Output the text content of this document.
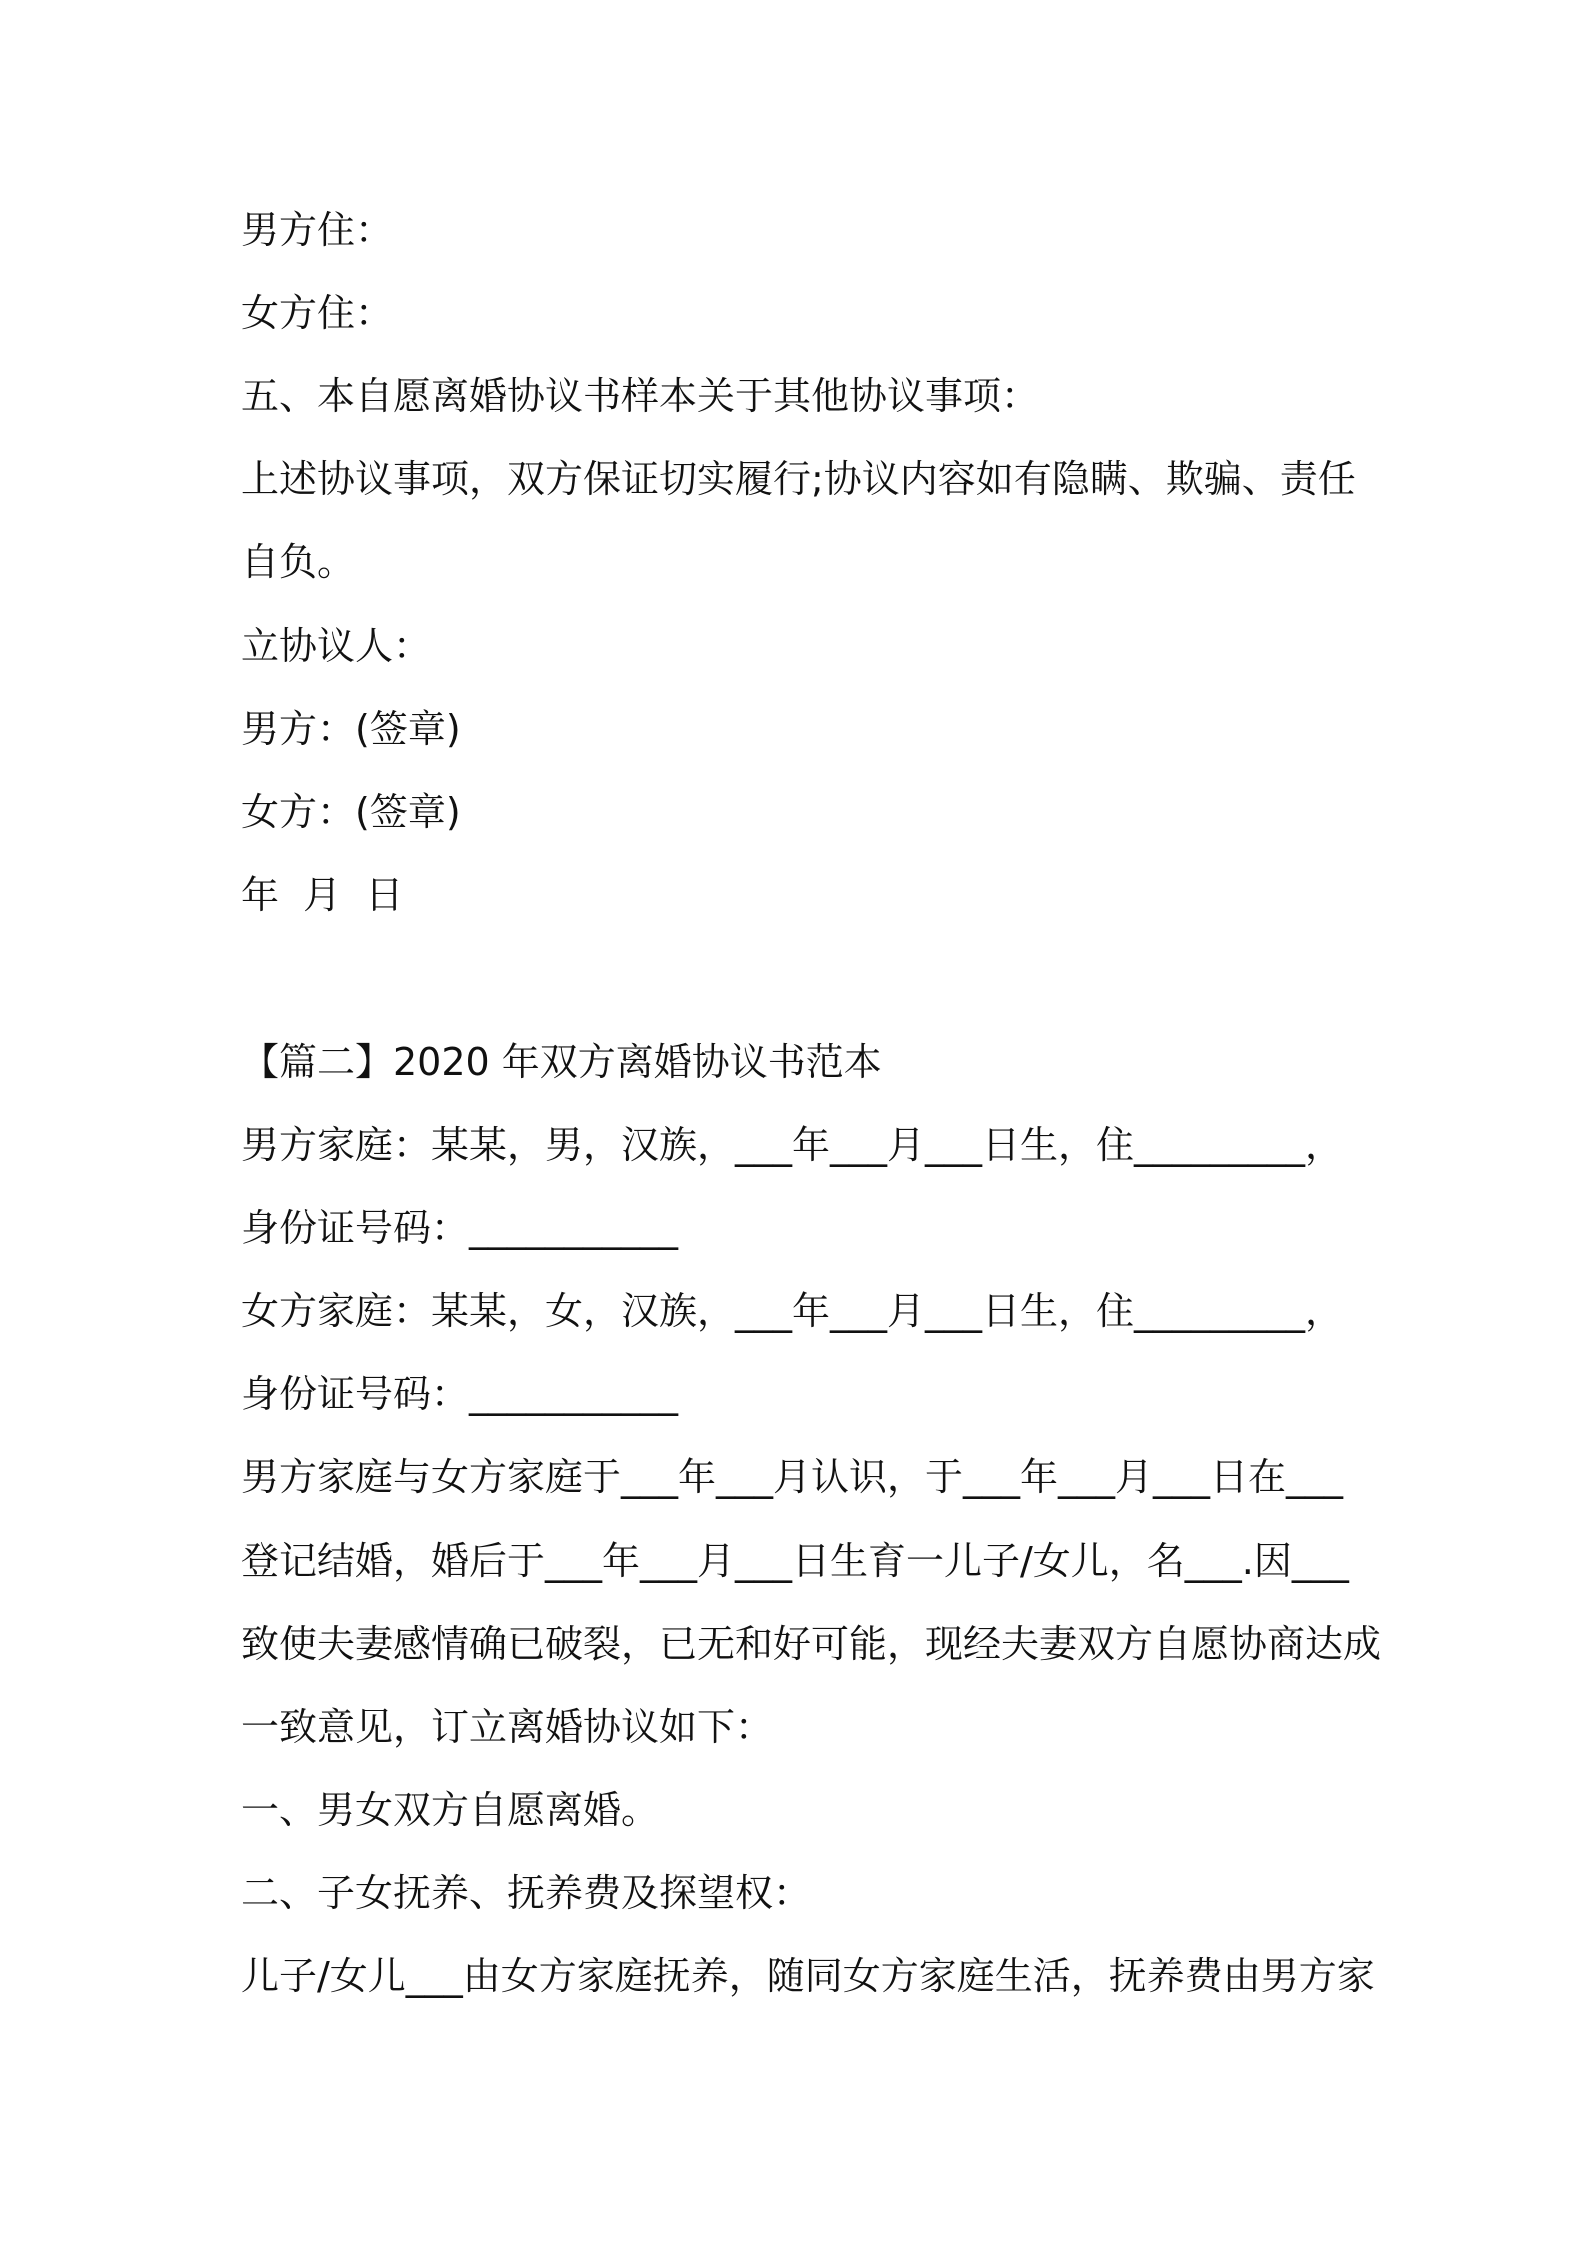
男方住：
女方住：
五、本自愿离婚协议书样本关于其他协议事项：
上述协议事项，双方保证切实履行;协议内容如有隐瞒、欺骗、责任
自负。
立协议人：
男方：(签章)
女方：(签章)
年  月  日
【篇二】2020 年双方离婚协议书范本
男方家庭：某某，男，汉族，___年___月___日生，住_________，
身份证号码：___________
女方家庭：某某，女，汉族，___年___月___日生，住_________，
身份证号码：___________
男方家庭与女方家庭于___年___月认识，于___年___月___日在___
登记结婚，婚后于___年___月___日生育一儿子/女儿，名___.因___
致使夫妻感情确已破裂，已无和好可能，现经夫妻双方自愿协商达成
一致意见，订立离婚协议如下：
一、男女双方自愿离婚。
二、子女抚养、抚养费及探望权：
儿子/女儿___由女方家庭抚养，随同女方家庭生活，抚养费由男方家
